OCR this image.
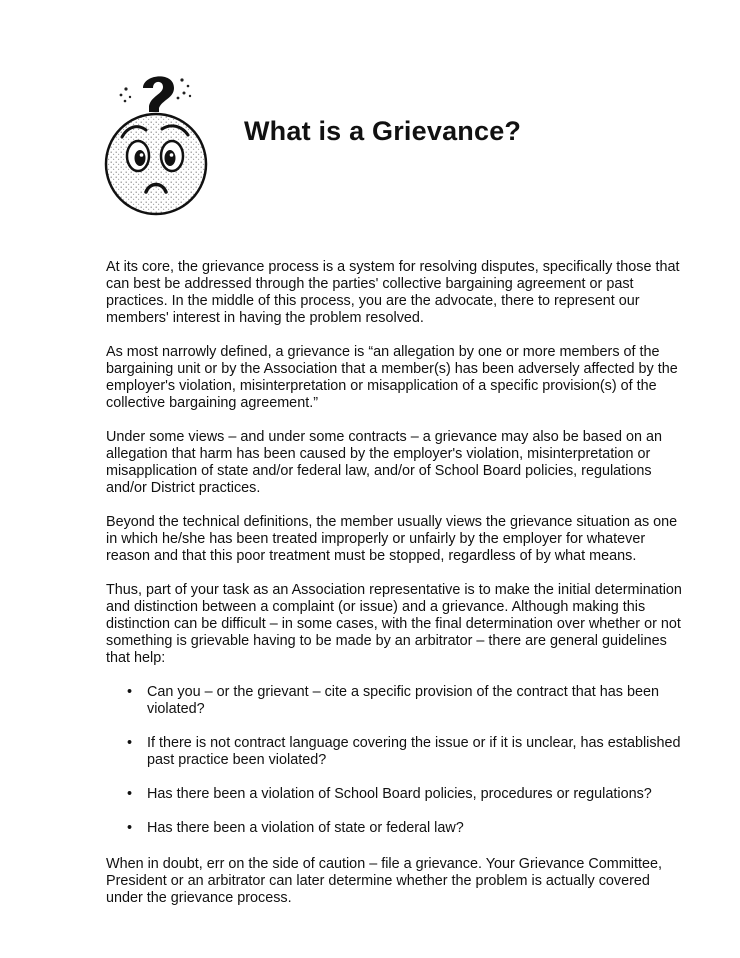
What is a Grievance?

At its core, the grievance process is a system for resolving disputes, specifically those that can best be addressed through the parties' collective bargaining agreement or past practices. In the middle of this process, you are the advocate, there to represent our members' interest in having the problem resolved.

As most narrowly defined, a grievance is “an allegation by one or more members of the bargaining unit or by the Association that a member(s) has been adversely affected by the employer's violation, misinterpretation or misapplication of a specific provision(s) of the collective bargaining agreement.”

Under some views – and under some contracts – a grievance may also be based on an allegation that harm has been caused by the employer's violation, misinterpretation or misapplication of state and/or federal law, and/or of School Board policies, regulations and/or District practices.

Beyond the technical definitions, the member usually views the grievance situation as one in which he/she has been treated improperly or unfairly by the employer for whatever reason and that this poor treatment must be stopped, regardless of by what means.

Thus, part of your task as an Association representative is to make the initial determination and distinction between a complaint (or issue) and a grievance. Although making this distinction can be difficult – in some cases, with the final determination over whether or not something is grievable having to be made by an arbitrator – there are general guidelines that help:

• Can you – or the grievant – cite a specific provision of the contract that has been violated?
• If there is not contract language covering the issue or if it is unclear, has established past practice been violated?
• Has there been a violation of School Board policies, procedures or regulations?
• Has there been a violation of state or federal law?

When in doubt, err on the side of caution – file a grievance. Your Grievance Committee, President or an arbitrator can later determine whether the problem is actually covered under the grievance process.
